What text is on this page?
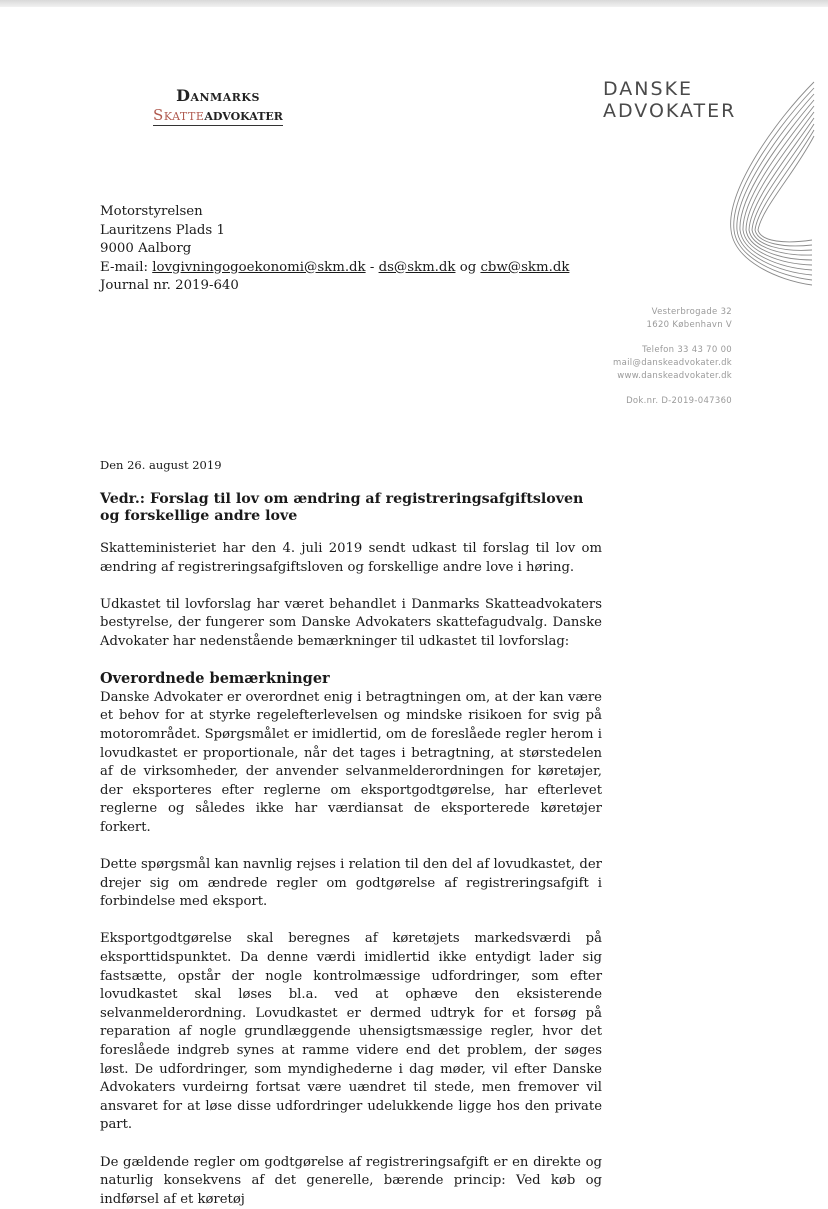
Danmarks
Skatteadvokater
DANSKE
ADVOKATER
Motorstyrelsen
Lauritzens Plads 1
9000 Aalborg
E-mail: lovgivningogoekonomi@skm.dk - ds@skm.dk og cbw@skm.dk
Journal nr. 2019-640
Vesterbrogade 32
1620 København V
Telefon 33 43 70 00
mail@danskeadvokater.dk
www.danskeadvokater.dk
Dok.nr. D-2019-047360
Den 26. august 2019
Vedr.: Forslag til lov om ændring af registreringsafgiftsloven og forskellige andre love

Skatteministeriet har den 4. juli 2019 sendt udkast til forslag til lov om ændring af registreringsafgiftsloven og forskellige andre love i høring.

Udkastet til lovforslag har været behandlet i Danmarks Skatteadvokaters bestyrelse, der fungerer som Danske Advokaters skattefagudvalg. Danske Advokater har nedenstående bemærkninger til udkastet til lovforslag:

Overordnede bemærkninger

Danske Advokater er overordnet enig i betragtningen om, at der kan være et behov for at styrke regelefterlevelsen og mindske risikoen for svig på motorområdet. Spørgsmålet er imidlertid, om de foreslåede regler herom i lovudkastet er proportionale, når det tages i betragtning, at størstedelen af de virksomheder, der anvender selvanmelderordningen for køretøjer, der eksporteres efter reglerne om eksportgodtgørelse, har efterlevet reglerne og således ikke har værdiansat de eksporterede køretøjer forkert.

Dette spørgsmål kan navnlig rejses i relation til den del af lovudkastet, der drejer sig om ændrede regler om godtgørelse af registreringsafgift i forbindelse med eksport.

Eksportgodtgørelse skal beregnes af køretøjets markedsværdi på eksporttidspunktet. Da denne værdi imidlertid ikke entydigt lader sig fastsætte, opstår der nogle kontrolmæssige udfordringer, som efter lovudkastet skal løses bl.a. ved at ophæve den eksisterende selvanmelderordning. Lovudkastet er dermed udtryk for et forsøg på reparation af nogle grundlæggende uhensigtsmæssige regler, hvor det foreslåede indgreb synes at ramme videre end det problem, der søges løst. De udfordringer, som myndighederne i dag møder, vil efter Danske Advokaters vurdeirng fortsat være uændret til stede, men fremover vil ansvaret for at løse disse udfordringer udelukkende ligge hos den private part.

De gældende regler om godtgørelse af registreringsafgift er en direkte og naturlig konsekvens af det generelle, bærende princip: Ved køb og indførsel af et køretøj
